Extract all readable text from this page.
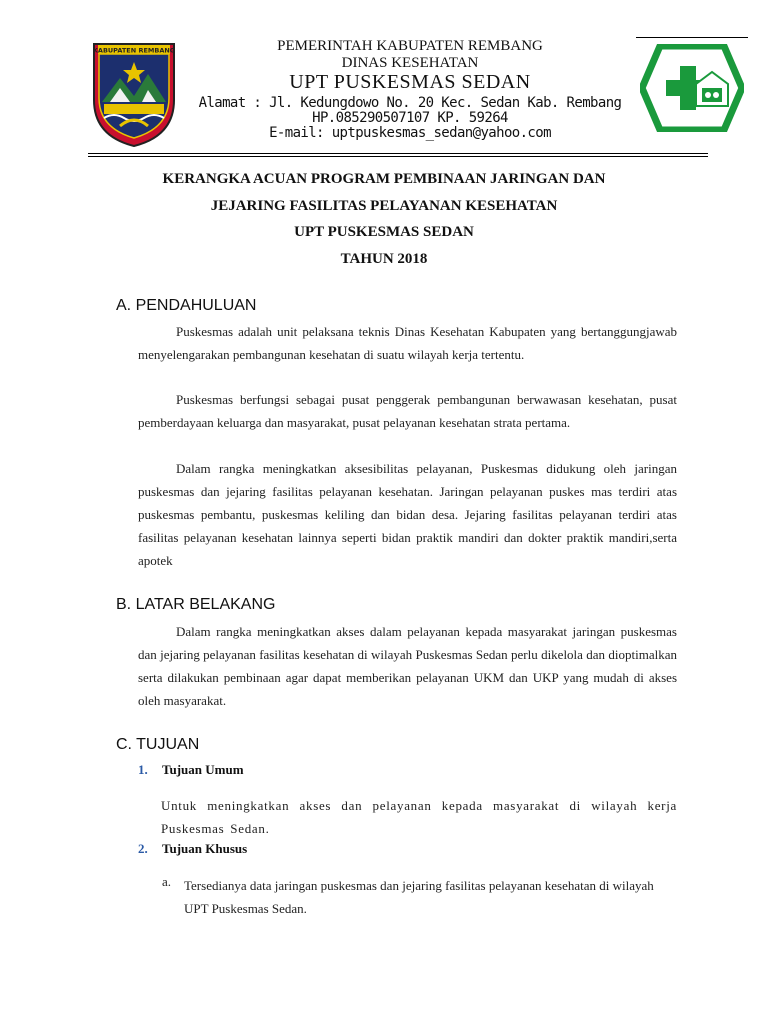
KABUPATEN REMBANG	PEMERINTAH KABUPATEN REMBANG
DINAS KESEHATAN
UPT PUSKESMAS SEDAN
Alamat : Jl. Kedungdowo No. 20 Kec. Sedan Kab. Rembang
HP.085290507107 KP. 59264
E-mail: uptpuskesmas_sedan@yahoo.com
KERANGKA ACUAN PROGRAM PEMBINAAN JARINGAN DAN
JEJARING FASILITAS PELAYANAN KESEHATAN
UPT PUSKESMAS SEDAN
TAHUN 2018
A. PENDAHULUAN
Puskesmas adalah unit pelaksana teknis Dinas Kesehatan Kabupaten yang bertanggungjawab menyelengarakan pembangunan kesehatan di suatu wilayah kerja tertentu.
Puskesmas berfungsi sebagai pusat penggerak pembangunan berwawasan kesehatan, pusat pemberdayaan keluarga dan masyarakat, pusat pelayanan kesehatan strata pertama.
Dalam rangka meningkatkan aksesibilitas pelayanan, Puskesmas didukung oleh jaringan puskesmas dan jejaring fasilitas pelayanan kesehatan. Jaringan pelayanan puskes mas terdiri atas puskesmas pembantu, puskesmas keliling dan bidan desa. Jejaring fasilitas pelayanan terdiri atas fasilitas pelayanan kesehatan lainnya seperti bidan praktik mandiri dan dokter praktik mandiri,serta apotek
B. LATAR BELAKANG
Dalam rangka meningkatkan akses dalam pelayanan kepada masyarakat jaringan puskesmas dan jejaring pelayanan fasilitas kesehatan di wilayah Puskesmas Sedan perlu dikelola dan dioptimalkan serta dilakukan pembinaan agar dapat memberikan pelayanan UKM dan UKP yang mudah di akses oleh masyarakat.
C. TUJUAN
1. Tujuan Umum
Untuk meningkatkan akses dan pelayanan kepada masyarakat di wilayah kerja Puskesmas Sedan.
2. Tujuan Khusus
a. Tersedianya data jaringan puskesmas dan jejaring fasilitas pelayanan kesehatan di wilayah UPT Puskesmas Sedan.
